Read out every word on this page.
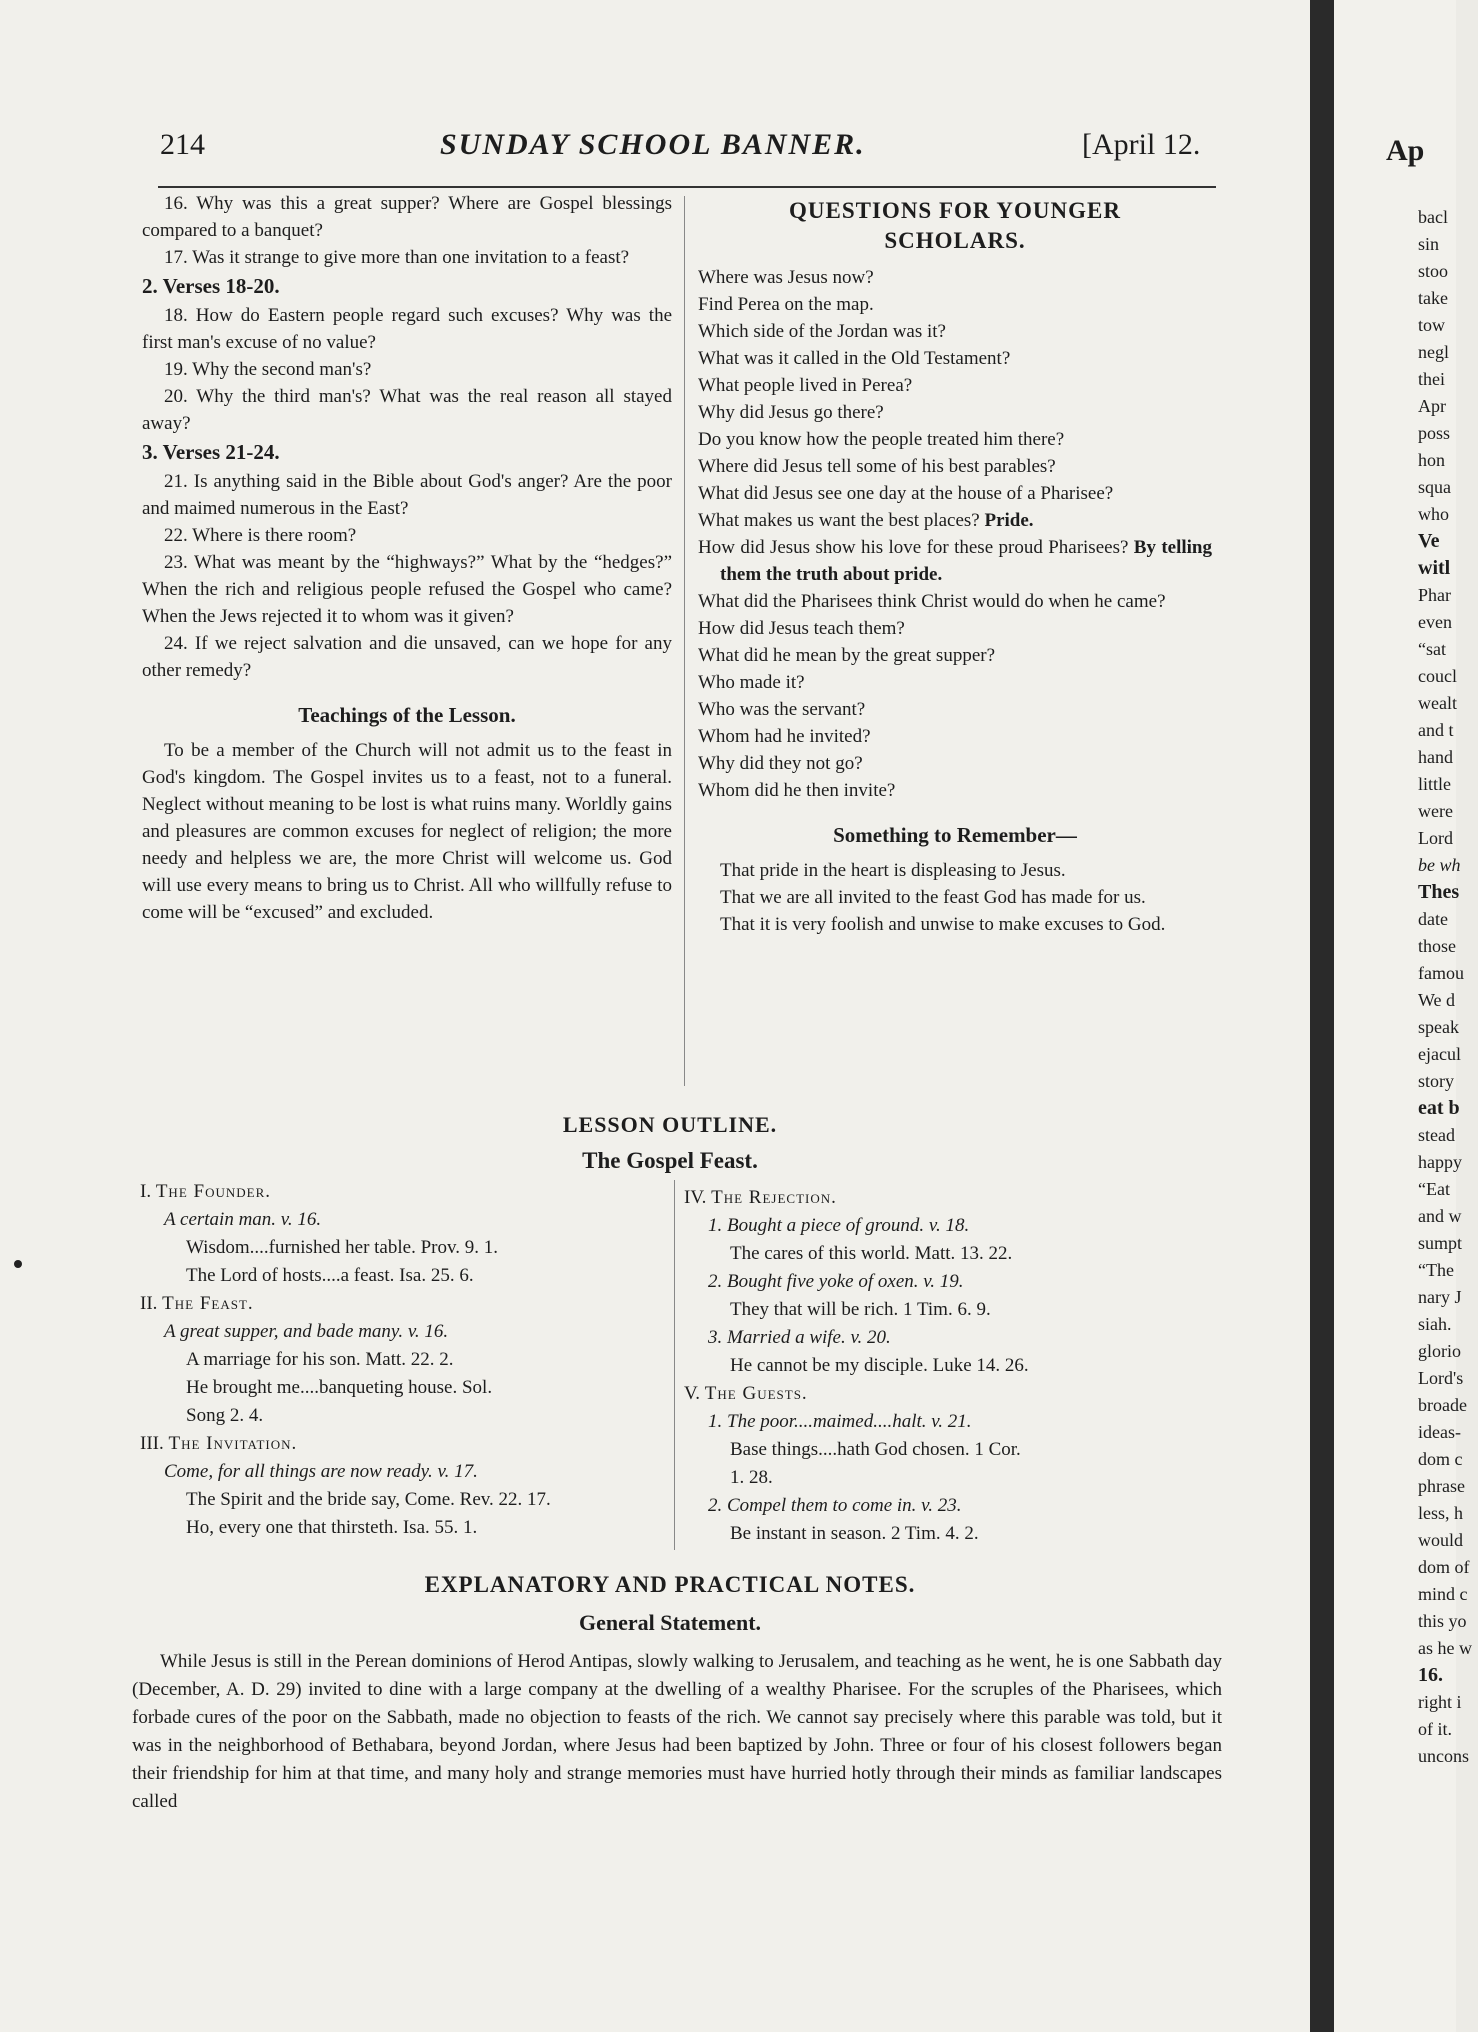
214	SUNDAY SCHOOL BANNER.	[April 12.

16. Why was this a great supper? Where are Gospel blessings compared to a banquet?

17. Was it strange to give more than one invitation to a feast?

2. Verses 18-20.

18. How do Eastern people regard such excuses? Why was the first man's excuse of no value?

19. Why the second man's?

20. Why the third man's? What was the real reason all stayed away?

3. Verses 21-24.

21. Is anything said in the Bible about God's anger? Are the poor and maimed numerous in the East?

22. Where is there room?

23. What was meant by the “highways?” What by the “hedges?” When the rich and religious people refused the Gospel who came? When the Jews rejected it to whom was it given?

24. If we reject salvation and die unsaved, can we hope for any other remedy?

Teachings of the Lesson.

To be a member of the Church will not admit us to the feast in God's kingdom. The Gospel invites us to a feast, not to a funeral. Neglect without meaning to be lost is what ruins many. Worldly gains and pleasures are common excuses for neglect of religion; the more needy and helpless we are, the more Christ will welcome us. God will use every means to bring us to Christ. All who willfully refuse to come will be “excused” and excluded.

QUESTIONS FOR YOUNGER
SCHOLARS.
Where was Jesus now?
Find Perea on the map.
Which side of the Jordan was it?
What was it called in the Old Testament?
What people lived in Perea?
Why did Jesus go there?
Do you know how the people treated him there?
Where did Jesus tell some of his best parables?
What did Jesus see one day at the house of a Pharisee?
What makes us want the best places? Pride.
How did Jesus show his love for these proud Pharisees? By telling them the truth about pride.
What did the Pharisees think Christ would do when he came?
How did Jesus teach them?
What did he mean by the great supper?
Who made it?
Who was the servant?
Whom had he invited?
Why did they not go?
Whom did he then invite?
Something to Remember—

That pride in the heart is displeasing to Jesus.

That we are all invited to the feast God has made for us.

That it is very foolish and unwise to make excuses to God.

LESSON OUTLINE.
The Gospel Feast.
I. The Founder.
A certain man. v. 16.
Wisdom....furnished her table. Prov. 9. 1.
The Lord of hosts....a feast. Isa. 25. 6.
II. The Feast.
A great supper, and bade many. v. 16.
A marriage for his son. Matt. 22. 2.
He brought me....banqueting house. Sol.
Song 2. 4.
III. The Invitation.
Come, for all things are now ready. v. 17.
The Spirit and the bride say, Come. Rev. 22. 17.
Ho, every one that thirsteth. Isa. 55. 1.
IV. The Rejection.
1. Bought a piece of ground. v. 18.
The cares of this world. Matt. 13. 22.
2. Bought five yoke of oxen. v. 19.
They that will be rich. 1 Tim. 6. 9.
3. Married a wife. v. 20.
He cannot be my disciple. Luke 14. 26.
V. The Guests.
1. The poor....maimed....halt. v. 21.
Base things....hath God chosen. 1 Cor.
1. 28.
2. Compel them to come in. v. 23.
Be instant in season. 2 Tim. 4. 2.
EXPLANATORY AND PRACTICAL NOTES.
General Statement.

While Jesus is still in the Perean dominions of Herod Antipas, slowly walking to Jerusalem, and teaching as he went, he is one Sabbath day (December, A. D. 29) invited to dine with a large company at the dwelling of a wealthy Pharisee. For the scruples of the Pharisees, which forbade cures of the poor on the Sabbath, made no objection to feasts of the rich. We cannot say precisely where this parable was told, but it was in the neighborhood of Bethabara, beyond Jordan, where Jesus had been baptized by John. Three or four of his closest followers began their friendship for him at that time, and many holy and strange memories must have hurried hotly through their minds as familiar landscapes called

Ap
bacl
sin
stoo
take
tow
negl
thei
Apr
poss
hon
squa
who
Ve
witl
Phar
even
“sat
coucl
wealt
and t
hand
little
were
Lord
be wh
Thes
date
those
famou
We d
speak
ejacul
story
eat b
stead
happy
“Eat
and w
sumpt
“The
nary J
siah.
glorio
Lord's
broade
ideas-
dom c
phrase
less, h
would
dom of
mind c
this yo
as he w
16.
right i
of it.
uncons
